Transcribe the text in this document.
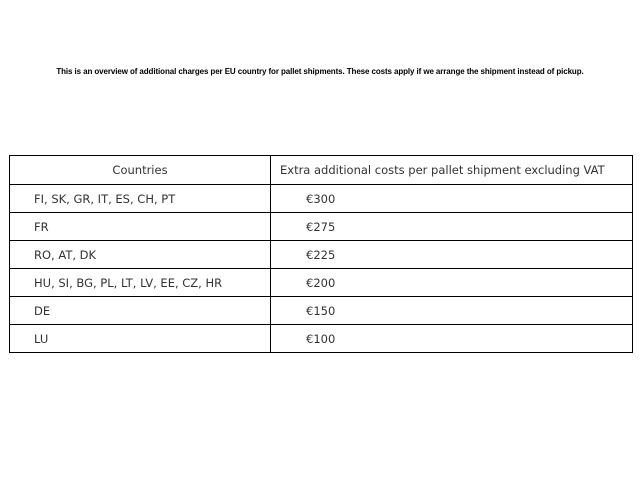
This is an overview of additional charges per EU country for pallet shipments. These costs apply if we arrange the shipment instead of pickup.

Countries	Extra additional costs per pallet shipment excluding VAT
FI, SK, GR, IT, ES, CH, PT	€300
FR	€275
RO, AT, DK	€225
HU, SI, BG, PL, LT, LV, EE, CZ, HR	€200
DE	€150
LU	€100
